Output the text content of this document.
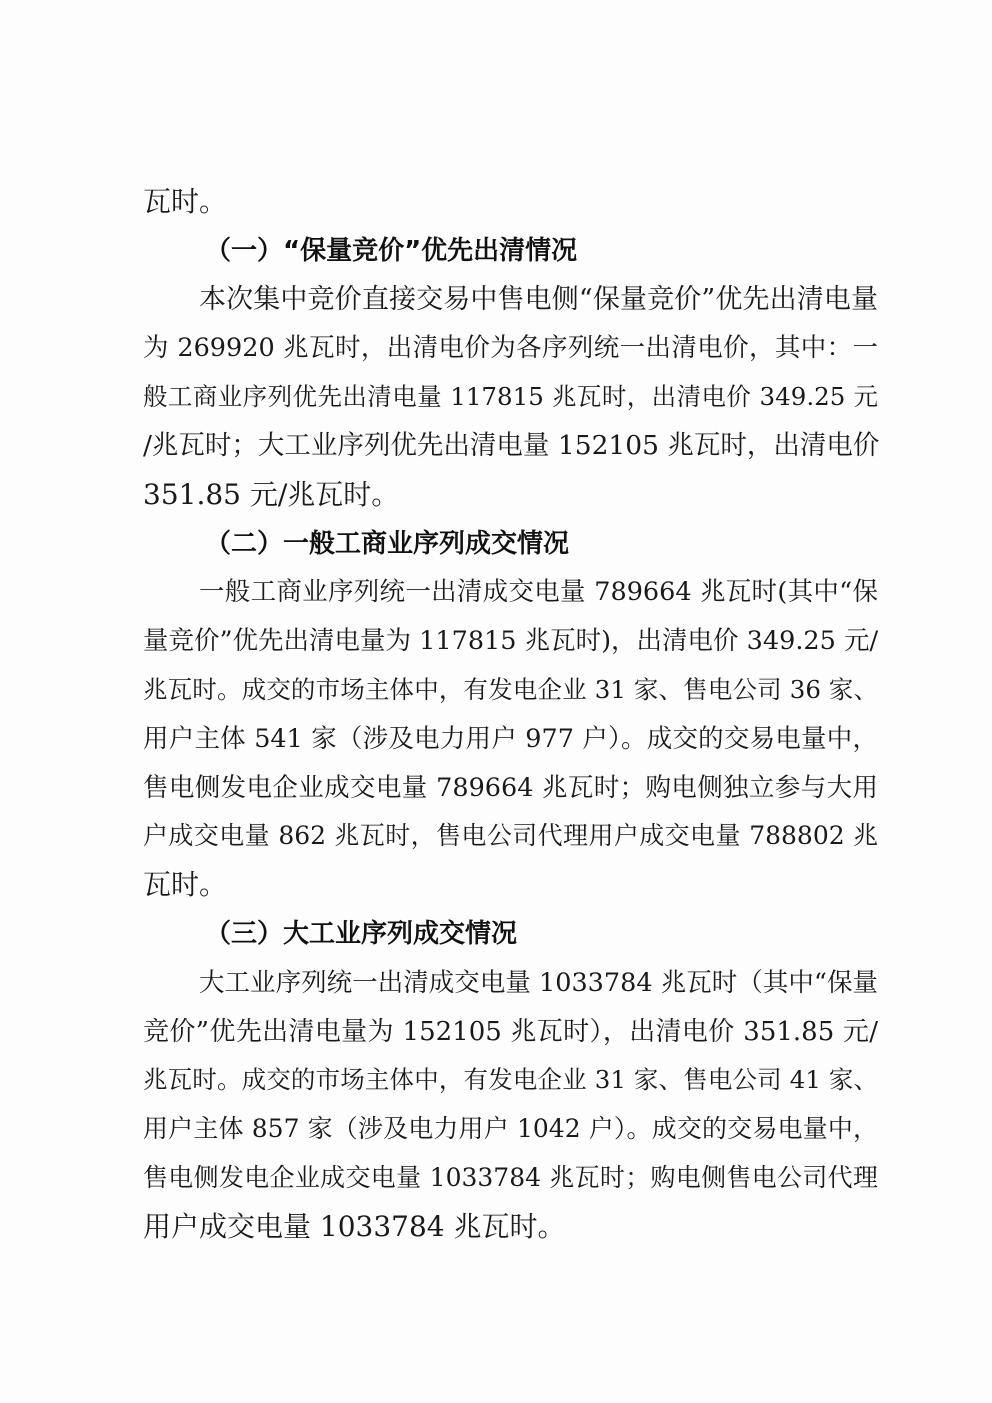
瓦时。
（一）“保量竞价”优先出清情况
本次集中竞价直接交易中售电侧“保量竞价”优先出清电量
为 269920 兆瓦时，出清电价为各序列统一出清电价，其中：一
般工商业序列优先出清电量 117815 兆瓦时，出清电价 349.25 元
/兆瓦时；大工业序列优先出清电量 152105 兆瓦时，出清电价
351.85 元/兆瓦时。
（二）一般工商业序列成交情况
一般工商业序列统一出清成交电量 789664 兆瓦时(其中“保
量竞价”优先出清电量为 117815 兆瓦时)，出清电价 349.25 元/
兆瓦时。成交的市场主体中，有发电企业 31 家、售电公司 36 家、
用户主体 541 家（涉及电力用户 977 户）。成交的交易电量中，
售电侧发电企业成交电量 789664 兆瓦时；购电侧独立参与大用
户成交电量 862 兆瓦时，售电公司代理用户成交电量 788802 兆
瓦时。
（三）大工业序列成交情况
大工业序列统一出清成交电量 1033784 兆瓦时（其中“保量
竞价”优先出清电量为 152105 兆瓦时），出清电价 351.85 元/
兆瓦时。成交的市场主体中，有发电企业 31 家、售电公司 41 家、
用户主体 857 家（涉及电力用户 1042 户）。成交的交易电量中，
售电侧发电企业成交电量 1033784 兆瓦时；购电侧售电公司代理
用户成交电量 1033784 兆瓦时。
